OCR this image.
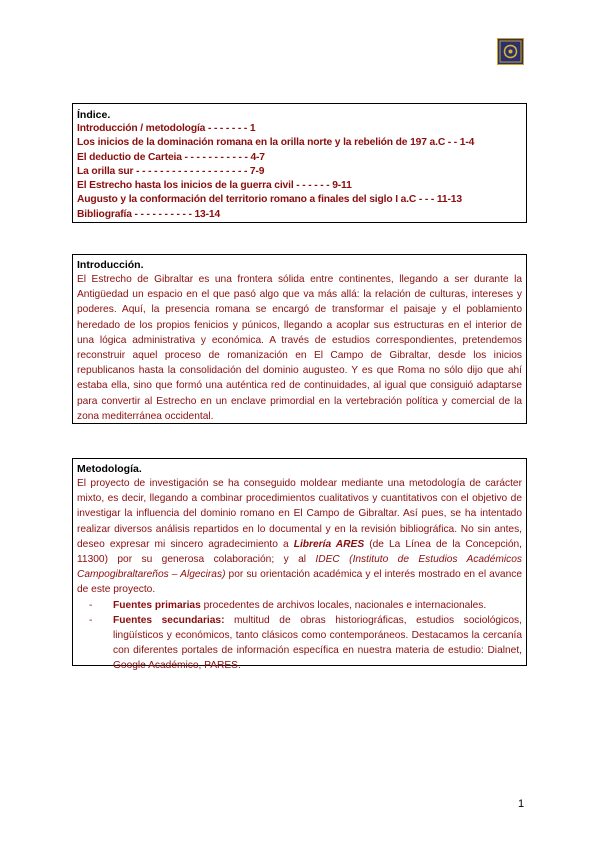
Índice.
Introducción / metodología - - - - - - - 1
Los inicios de la dominación romana en la orilla norte y la rebelión de 197 a.C - - 1-4
El deductio de Carteia - - - - - - - - - - - 4-7
La orilla sur - - - - - - - - - - - - - - - - - - - 7-9
El Estrecho hasta los inicios de la guerra civil - - - - - - 9-11
Augusto y la conformación del territorio romano a finales del siglo I a.C - - - 11-13
Bibliografía - - - - - - - - - - 13-14
Introducción.
El Estrecho de Gibraltar es una frontera sólida entre continentes, llegando a ser durante la Antigüedad un espacio en el que pasó algo que va más allá: la relación de culturas, intereses y poderes. Aquí, la presencia romana se encargó de transformar el paisaje y el poblamiento heredado de los propios fenicios y púnicos, llegando a acoplar sus estructuras en el interior de una lógica administrativa y económica. A través de estudios correspondientes, pretendemos reconstruir aquel proceso de romanización en El Campo de Gibraltar, desde los inicios republicanos hasta la consolidación del dominio augusteo. Y es que Roma no sólo dijo que ahí estaba ella, sino que formó una auténtica red de continuidades, al igual que consiguió adaptarse para convertir al Estrecho en un enclave primordial en la vertebración política y comercial de la zona mediterránea occidental.
Metodología.
El proyecto de investigación se ha conseguido moldear mediante una metodología de carácter mixto, es decir, llegando a combinar procedimientos cualitativos y cuantitativos con el objetivo de investigar la influencia del dominio romano en El Campo de Gibraltar. Así pues, se ha intentado realizar diversos análisis repartidos en lo documental y en la revisión bibliográfica. No sin antes, deseo expresar mi sincero agradecimiento a Librería ARES (de La Línea de la Concepción, 11300) por su generosa colaboración; y al IDEC (Instituto de Estudios Académicos Campogibraltareños – Algeciras) por su orientación académica y el interés mostrado en el avance de este proyecto.
- Fuentes primarias procedentes de archivos locales, nacionales e internacionales.
- Fuentes secundarias: multitud de obras historiográficas, estudios sociológicos, lingüísticos y económicos, tanto clásicos como contemporáneos. Destacamos la cercanía con diferentes portales de información específica en nuestra materia de estudio: Dialnet, Google Académico, PARES.
1
